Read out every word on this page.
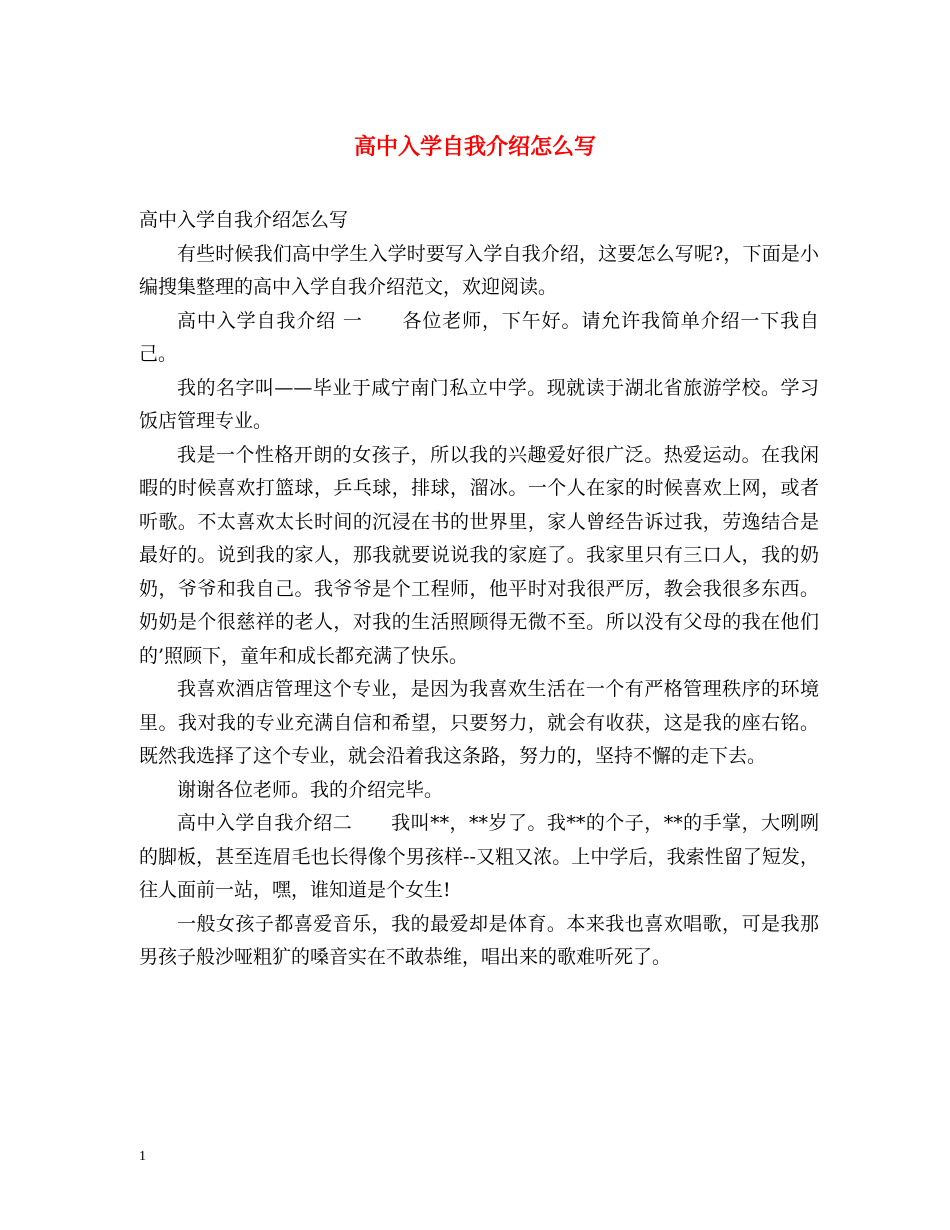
高中入学自我介绍怎么写

高中入学自我介绍怎么写

有些时候我们高中学生入学时要写入学自我介绍，这要怎么写呢?，下面是小编搜集整理的高中入学自我介绍范文，欢迎阅读。

高中入学自我介绍 一　　各位老师，下午好。请允许我简单介绍一下我自己。

我的名字叫——毕业于咸宁南门私立中学。现就读于湖北省旅游学校。学习饭店管理专业。

我是一个性格开朗的女孩子，所以我的兴趣爱好很广泛。热爱运动。在我闲暇的时候喜欢打篮球，乒乓球，排球，溜冰。一个人在家的时候喜欢上网，或者听歌。不太喜欢太长时间的沉浸在书的世界里，家人曾经告诉过我，劳逸结合是最好的。说到我的家人，那我就要说说我的家庭了。我家里只有三口人，我的奶奶，爷爷和我自己。我爷爷是个工程师，他平时对我很严厉，教会我很多东西。奶奶是个很慈祥的老人，对我的生活照顾得无微不至。所以没有父母的我在他们的’照顾下，童年和成长都充满了快乐。

我喜欢酒店管理这个专业，是因为我喜欢生活在一个有严格管理秩序的环境里。我对我的专业充满自信和希望，只要努力，就会有收获，这是我的座右铭。既然我选择了这个专业，就会沿着我这条路，努力的，坚持不懈的走下去。

谢谢各位老师。我的介绍完毕。

高中入学自我介绍二　　我叫**，**岁了。我**的个子，**的手掌，大咧咧的脚板，甚至连眉毛也长得像个男孩样--又粗又浓。上中学后，我索性留了短发，往人面前一站，嘿，谁知道是个女生!

一般女孩子都喜爱音乐，我的最爱却是体育。本来我也喜欢唱歌，可是我那男孩子般沙哑粗犷的嗓音实在不敢恭维，唱出来的歌难听死了。

1
